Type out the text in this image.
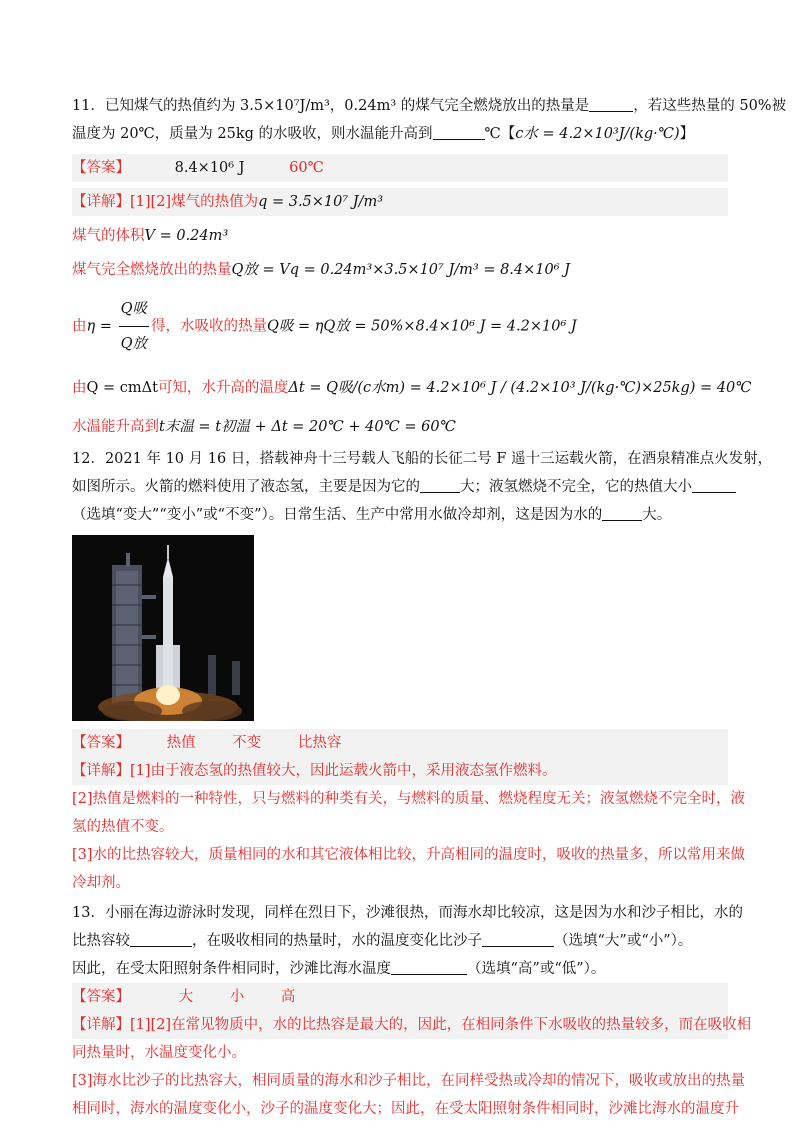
11．已知煤气的热值约为 3.5×10⁷J/m³，0.24m³ 的煤气完全燃烧放出的热量是	，若这些热量的 50%被
温度为 20℃，质量为 25kg 的水吸收，则水温能升高到	℃【c水 = 4.2×10³J/(kg·℃)】
【答案】	8.4×10⁶ J	60℃
【详解】[1][2]煤气的热值为q = 3.5×10⁷ J/m³
煤气的体积V = 0.24m³
煤气完全燃烧放出的热量Q放 = Vq = 0.24m³×3.5×10⁷ J/m³ = 8.4×10⁶ J
由$\eta = \frac{\text{Q吸}}{\text{Q放}}$ 得，水吸收的热量Q吸 = ηQ放 = 50%×8.4×10⁶ J = 4.2×10⁶ J
由Q = cmΔt可知，水升高的温度Δt = Q吸/(c水m) = 4.2×10⁶ J / (4.2×10³ J/(kg·℃)×25kg) = 40℃
水温能升高到t末温 = t初温 + Δt = 20℃ + 40℃ = 60℃
12．2021 年 10 月 16 日，搭载神舟十三号载人飞船的长征二号 F 遥十三运载火箭，在酒泉精准点火发射，
如图所示。火箭的燃料使用了液态氢，主要是因为它的	大；液氢燃烧不完全，它的热值大小
（选填“变大”“变小”或“不变”）。日常生活、生产中常用水做冷却剂，这是因为水的	大。
【答案】	热值	不变	比热容
【详解】[1]由于液态氢的热值较大，因此运载火箭中，采用液态氢作燃料。
[2]热值是燃料的一种特性，只与燃料的种类有关，与燃料的质量、燃烧程度无关；液氢燃烧不完全时，液
氢的热值不变。
[3]水的比热容较大，质量相同的水和其它液体相比较，升高相同的温度时，吸收的热量多，所以常用来做
冷却剂。
13．小丽在海边游泳时发现，同样在烈日下，沙滩很热，而海水却比较凉，这是因为水和沙子相比，水的
比热容较	，在吸收相同的热量时，水的温度变化比沙子	（选填“大”或“小”）。
因此，在受太阳照射条件相同时，沙滩比海水温度	（选填“高”或“低”）。
【答案】	大	小	高
【详解】[1][2]在常见物质中，水的比热容是最大的，因此，在相同条件下水吸收的热量较多，而在吸收相
同热量时，水温度变化小。
[3]海水比沙子的比热容大，相同质量的海水和沙子相比，在同样受热或冷却的情况下，吸收或放出的热量
相同时，海水的温度变化小，沙子的温度变化大；因此，在受太阳照射条件相同时，沙滩比海水的温度升
